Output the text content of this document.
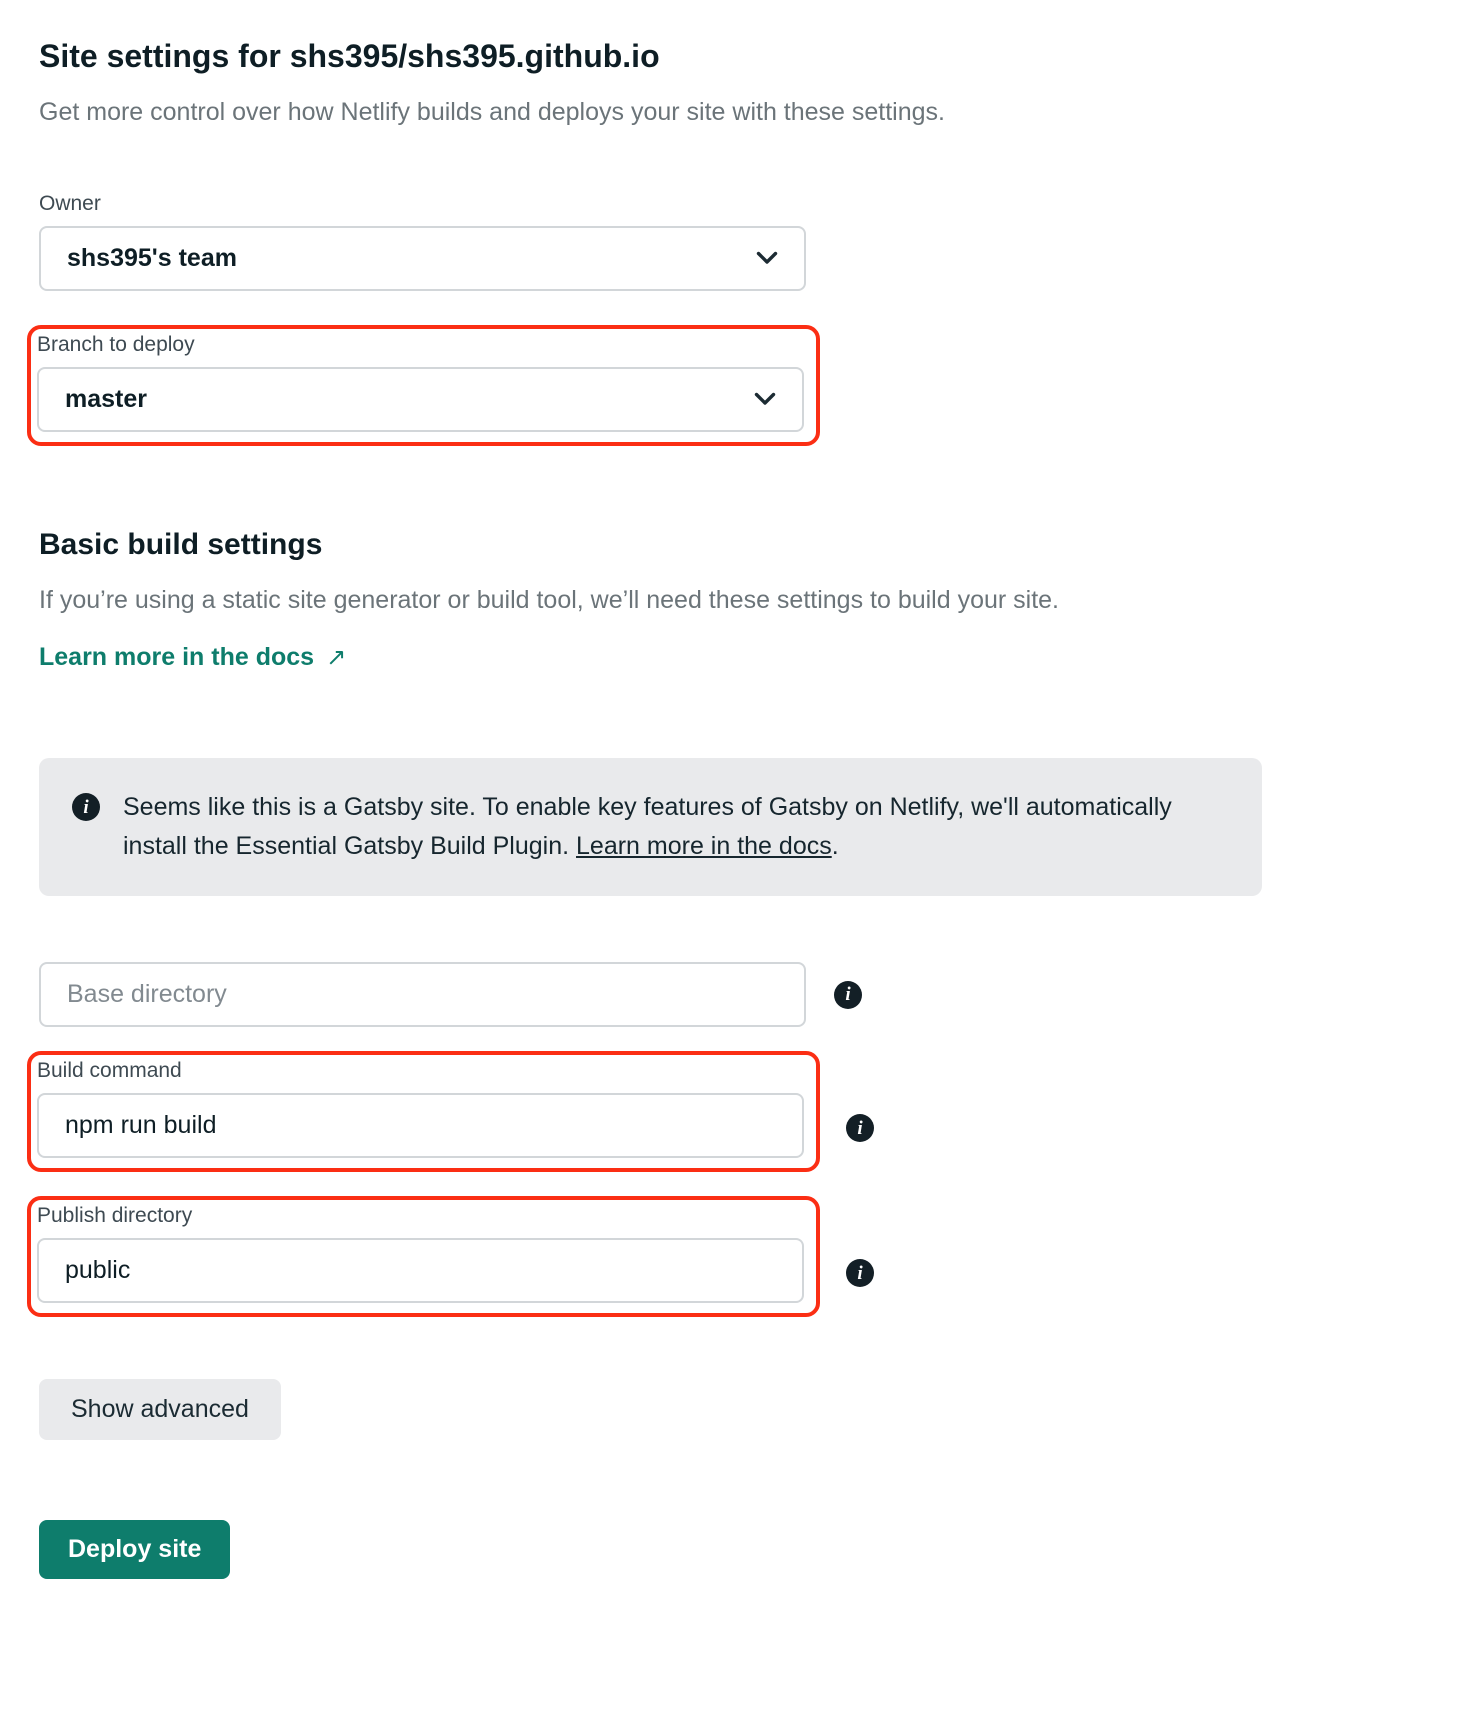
Site settings for shs395/shs395.github.io

Get more control over how Netlify builds and deploys your site with these settings.

Owner
shs395's team
Branch to deploy
master
Basic build settings

If you’re using a static site generator or build tool, we’ll need these settings to build your site.

Learn more in the docs ↗
i	Seems like this is a Gatsby site. To enable key features of Gatsby on Netlify, we'll automatically install the Essential Gatsby Build Plugin. Learn more in the docs.
Base directory
i
Build command
npm run build
i
Publish directory
public
i
Show advanced
Deploy site
